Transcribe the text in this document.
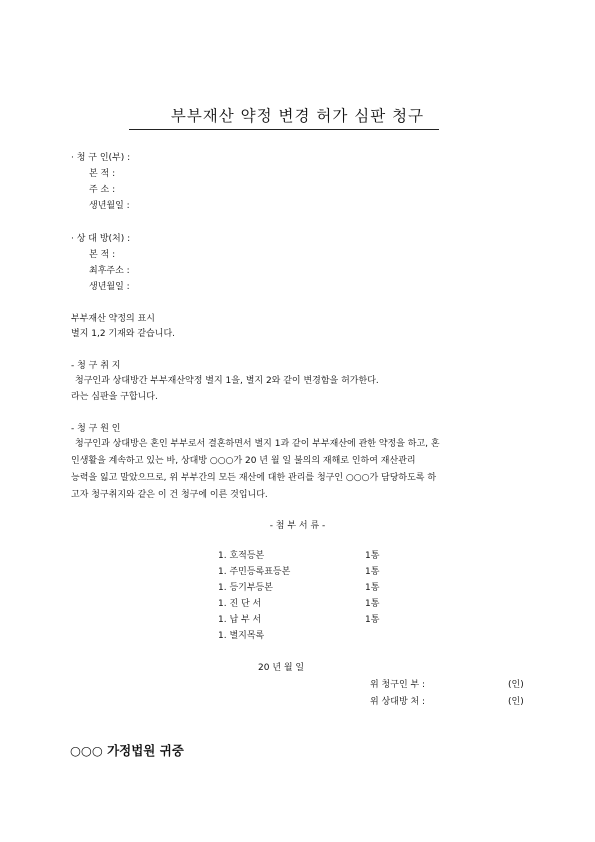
부부재산 약정 변경 허가 심판 청구
· 청 구 인(부) :
본 적 :
주 소 :
생년월일 :
· 상 대 방(처) :
본 적 :
최후주소 :
생년월일 :
부부재산 약정의 표시
별지 1,2 기재와 같습니다.
- 청 구 취 지
청구인과 상대방간 부부재산약정 별지 1을, 별지 2와 같이 변경함을 허가한다.
라는 심판을 구합니다.
- 청 구 원 인
청구인과 상대방은 혼인 부부로서 결혼하면서 별지 1과 같이 부부재산에 관한 약정을 하고, 혼
인생활을 계속하고 있는 바, 상대방 ○○○가 20 년 월 일 불의의 재해로 인하여 재산관리
능력을 잃고 말았으므로, 위 부부간의 모든 재산에 대한 관리를 청구인 ○○○가 담당하도록 하
고자 청구취지와 같은 이 건 청구에 이른 것입니다.
- 첨 부 서 류 -
1. 호적등본	1통
1. 주민등록표등본	1통
1. 등기부등본	1통
1. 진 단 서	1통
1. 납 부 서	1통
1. 별지목록
20 년 월 일
위 청구인 부 :	(인)
위 상대방 처 :	(인)
○○○ 가정법원 귀중
